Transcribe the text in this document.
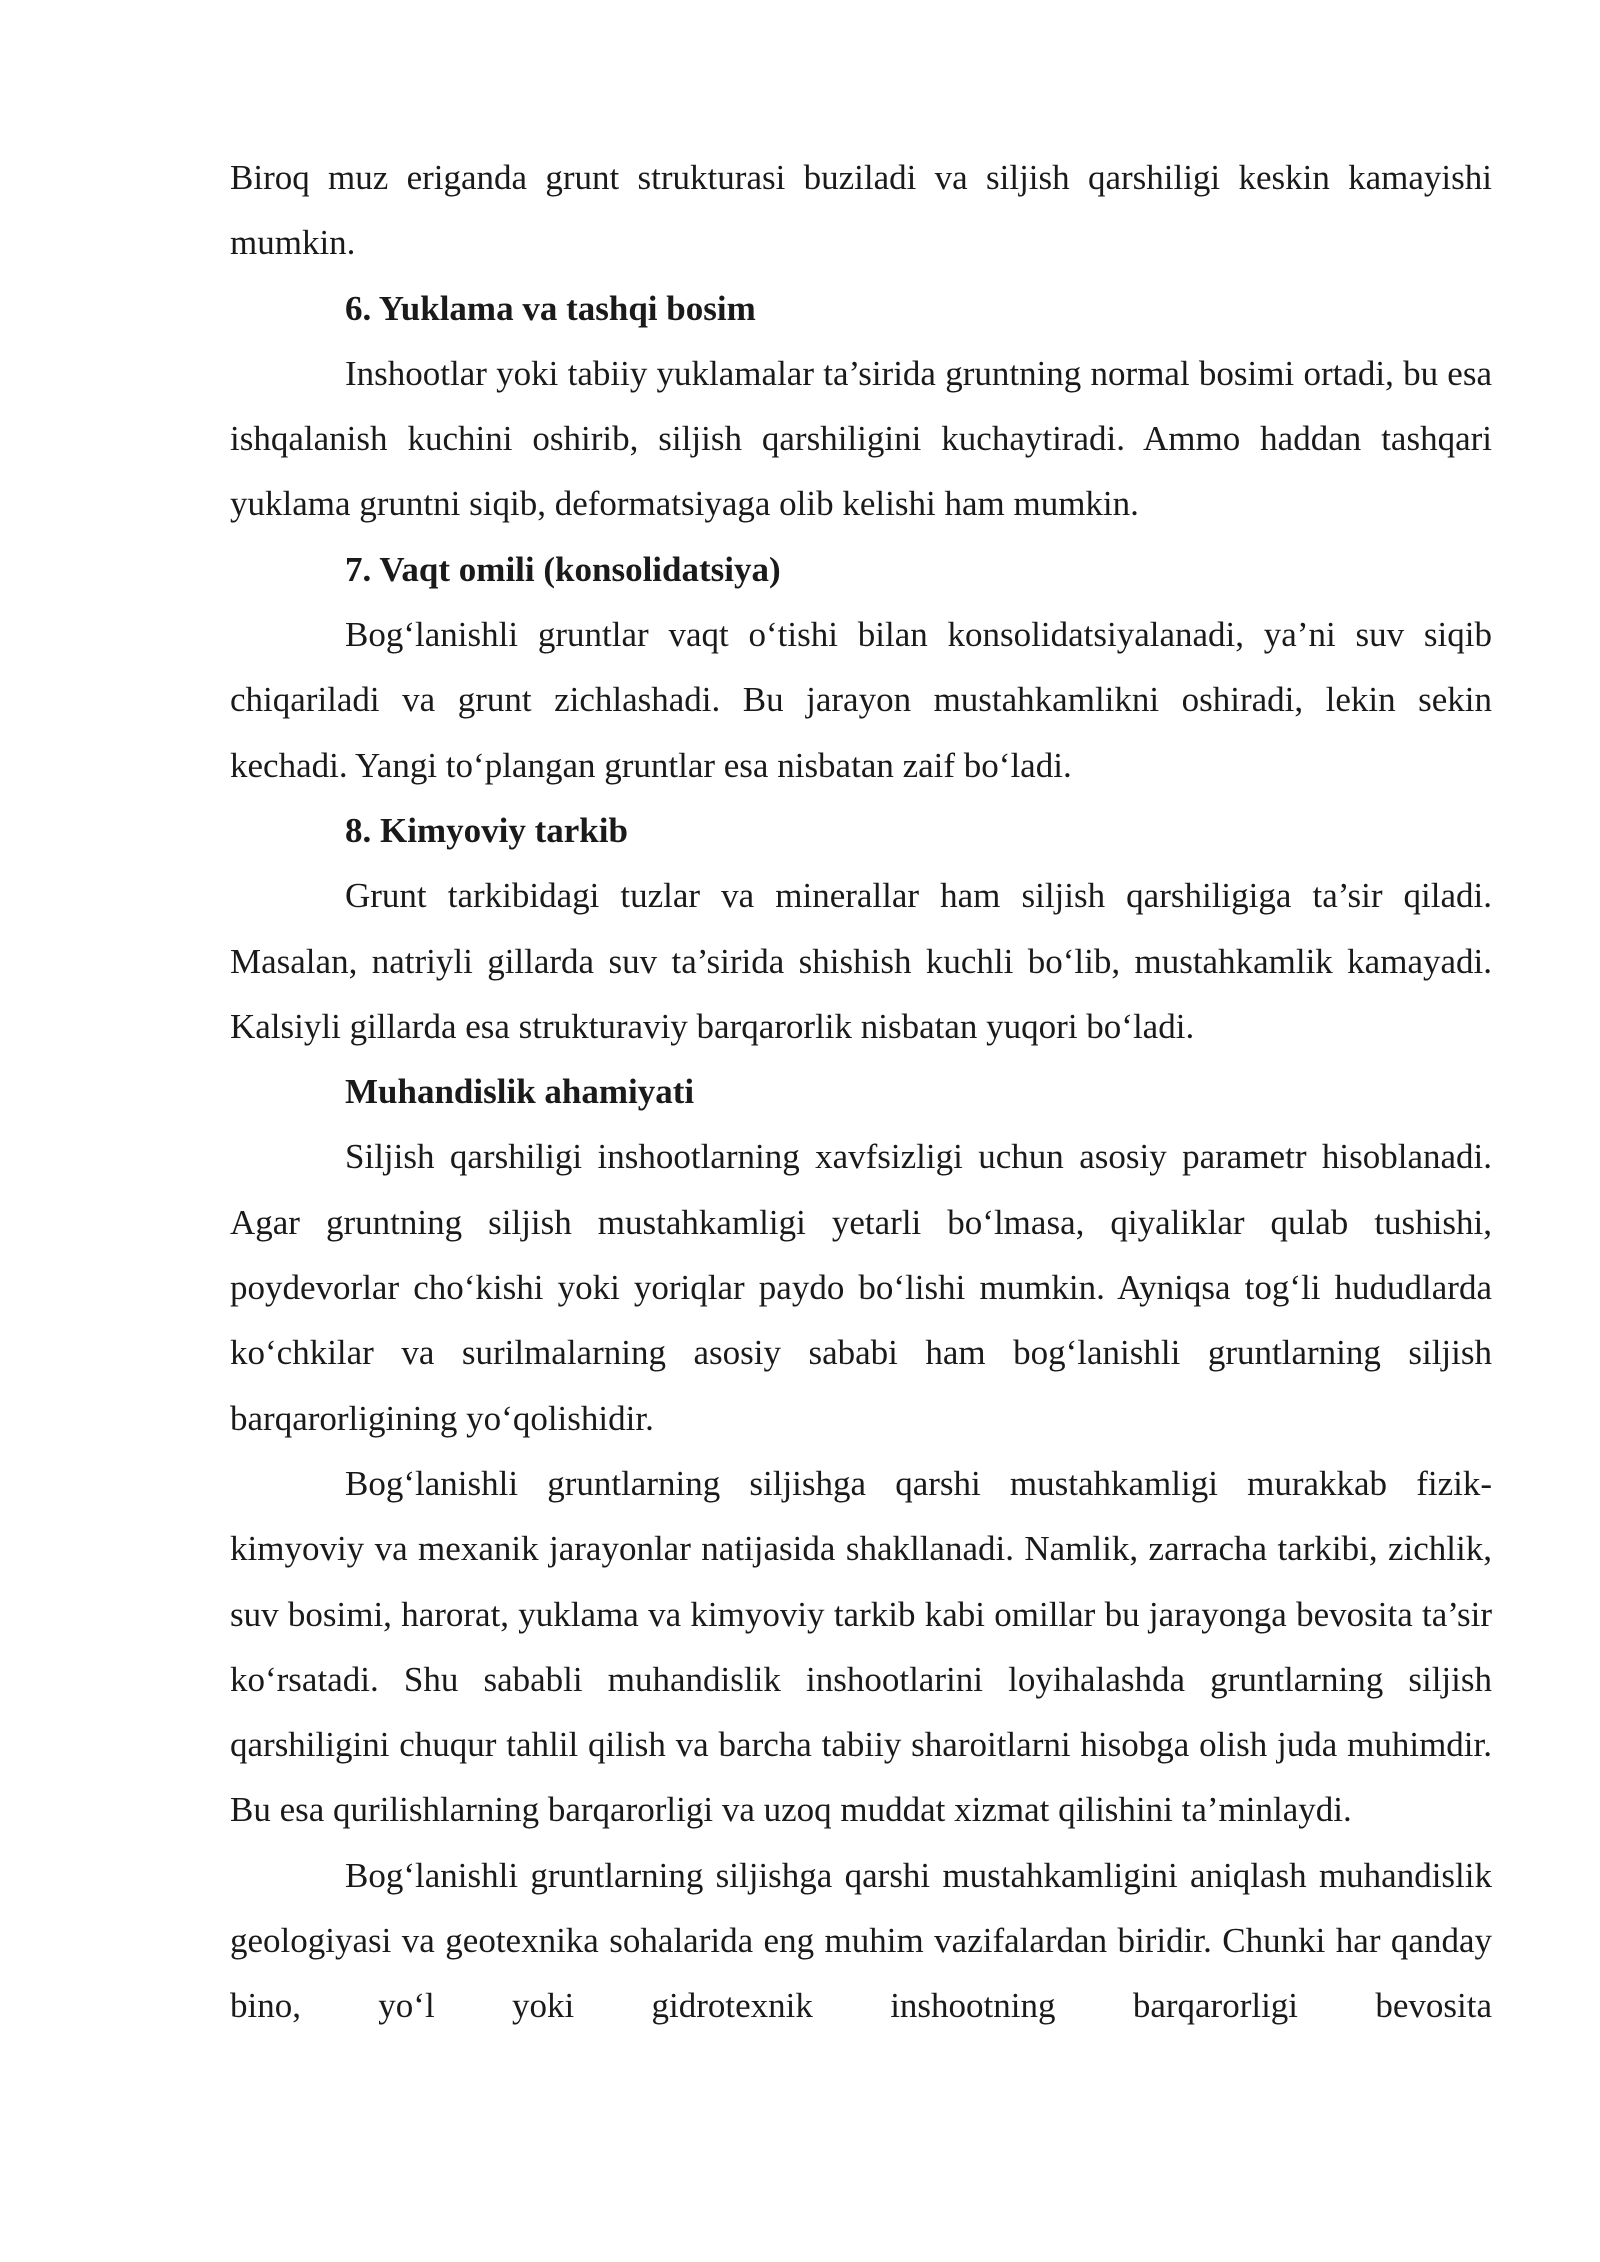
Biroq muz eriganda grunt strukturasi buziladi va siljish qarshiligi keskin kamayishi mumkin.

6. Yuklama va tashqi bosim

Inshootlar yoki tabiiy yuklamalar ta’sirida gruntning normal bosimi ortadi, bu esa ishqalanish kuchini oshirib, siljish qarshiligini kuchaytiradi. Ammo haddan tashqari yuklama gruntni siqib, deformatsiyaga olib kelishi ham mumkin.

7. Vaqt omili (konsolidatsiya)

Bog‘lanishli gruntlar vaqt o‘tishi bilan konsolidatsiyalanadi, ya’ni suv siqib chiqariladi va grunt zichlashadi. Bu jarayon mustahkamlikni oshiradi, lekin sekin kechadi. Yangi to‘plangan gruntlar esa nisbatan zaif bo‘ladi.

8. Kimyoviy tarkib

Grunt tarkibidagi tuzlar va minerallar ham siljish qarshiligiga ta’sir qiladi. Masalan, natriyli gillarda suv ta’sirida shishish kuchli bo‘lib, mustahkamlik kamayadi. Kalsiyli gillarda esa strukturaviy barqarorlik nisbatan yuqori bo‘ladi.

Muhandislik ahamiyati

Siljish qarshiligi inshootlarning xavfsizligi uchun asosiy parametr hisoblanadi. Agar gruntning siljish mustahkamligi yetarli bo‘lmasa, qiyaliklar qulab tushishi, poydevorlar cho‘kishi yoki yoriqlar paydo bo‘lishi mumkin. Ayniqsa tog‘li hududlarda ko‘chkilar va surilmalarning asosiy sababi ham bog‘lanishli gruntlarning siljish barqarorligining yo‘qolishidir.

Bog‘lanishli gruntlarning siljishga qarshi mustahkamligi murakkab fizik-kimyoviy va mexanik jarayonlar natijasida shakllanadi. Namlik, zarracha tarkibi, zichlik, suv bosimi, harorat, yuklama va kimyoviy tarkib kabi omillar bu jarayonga bevosita ta’sir ko‘rsatadi. Shu sababli muhandislik inshootlarini loyihalashda gruntlarning siljish qarshiligini chuqur tahlil qilish va barcha tabiiy sharoitlarni hisobga olish juda muhimdir. Bu esa qurilishlarning barqarorligi va uzoq muddat xizmat qilishini ta’minlaydi.

Bog‘lanishli gruntlarning siljishga qarshi mustahkamligini aniqlash muhandislik geologiyasi va geotexnika sohalarida eng muhim vazifalardan biridir. Chunki har qanday bino, yo‘l yoki gidrotexnik inshootning barqarorligi bevosita
